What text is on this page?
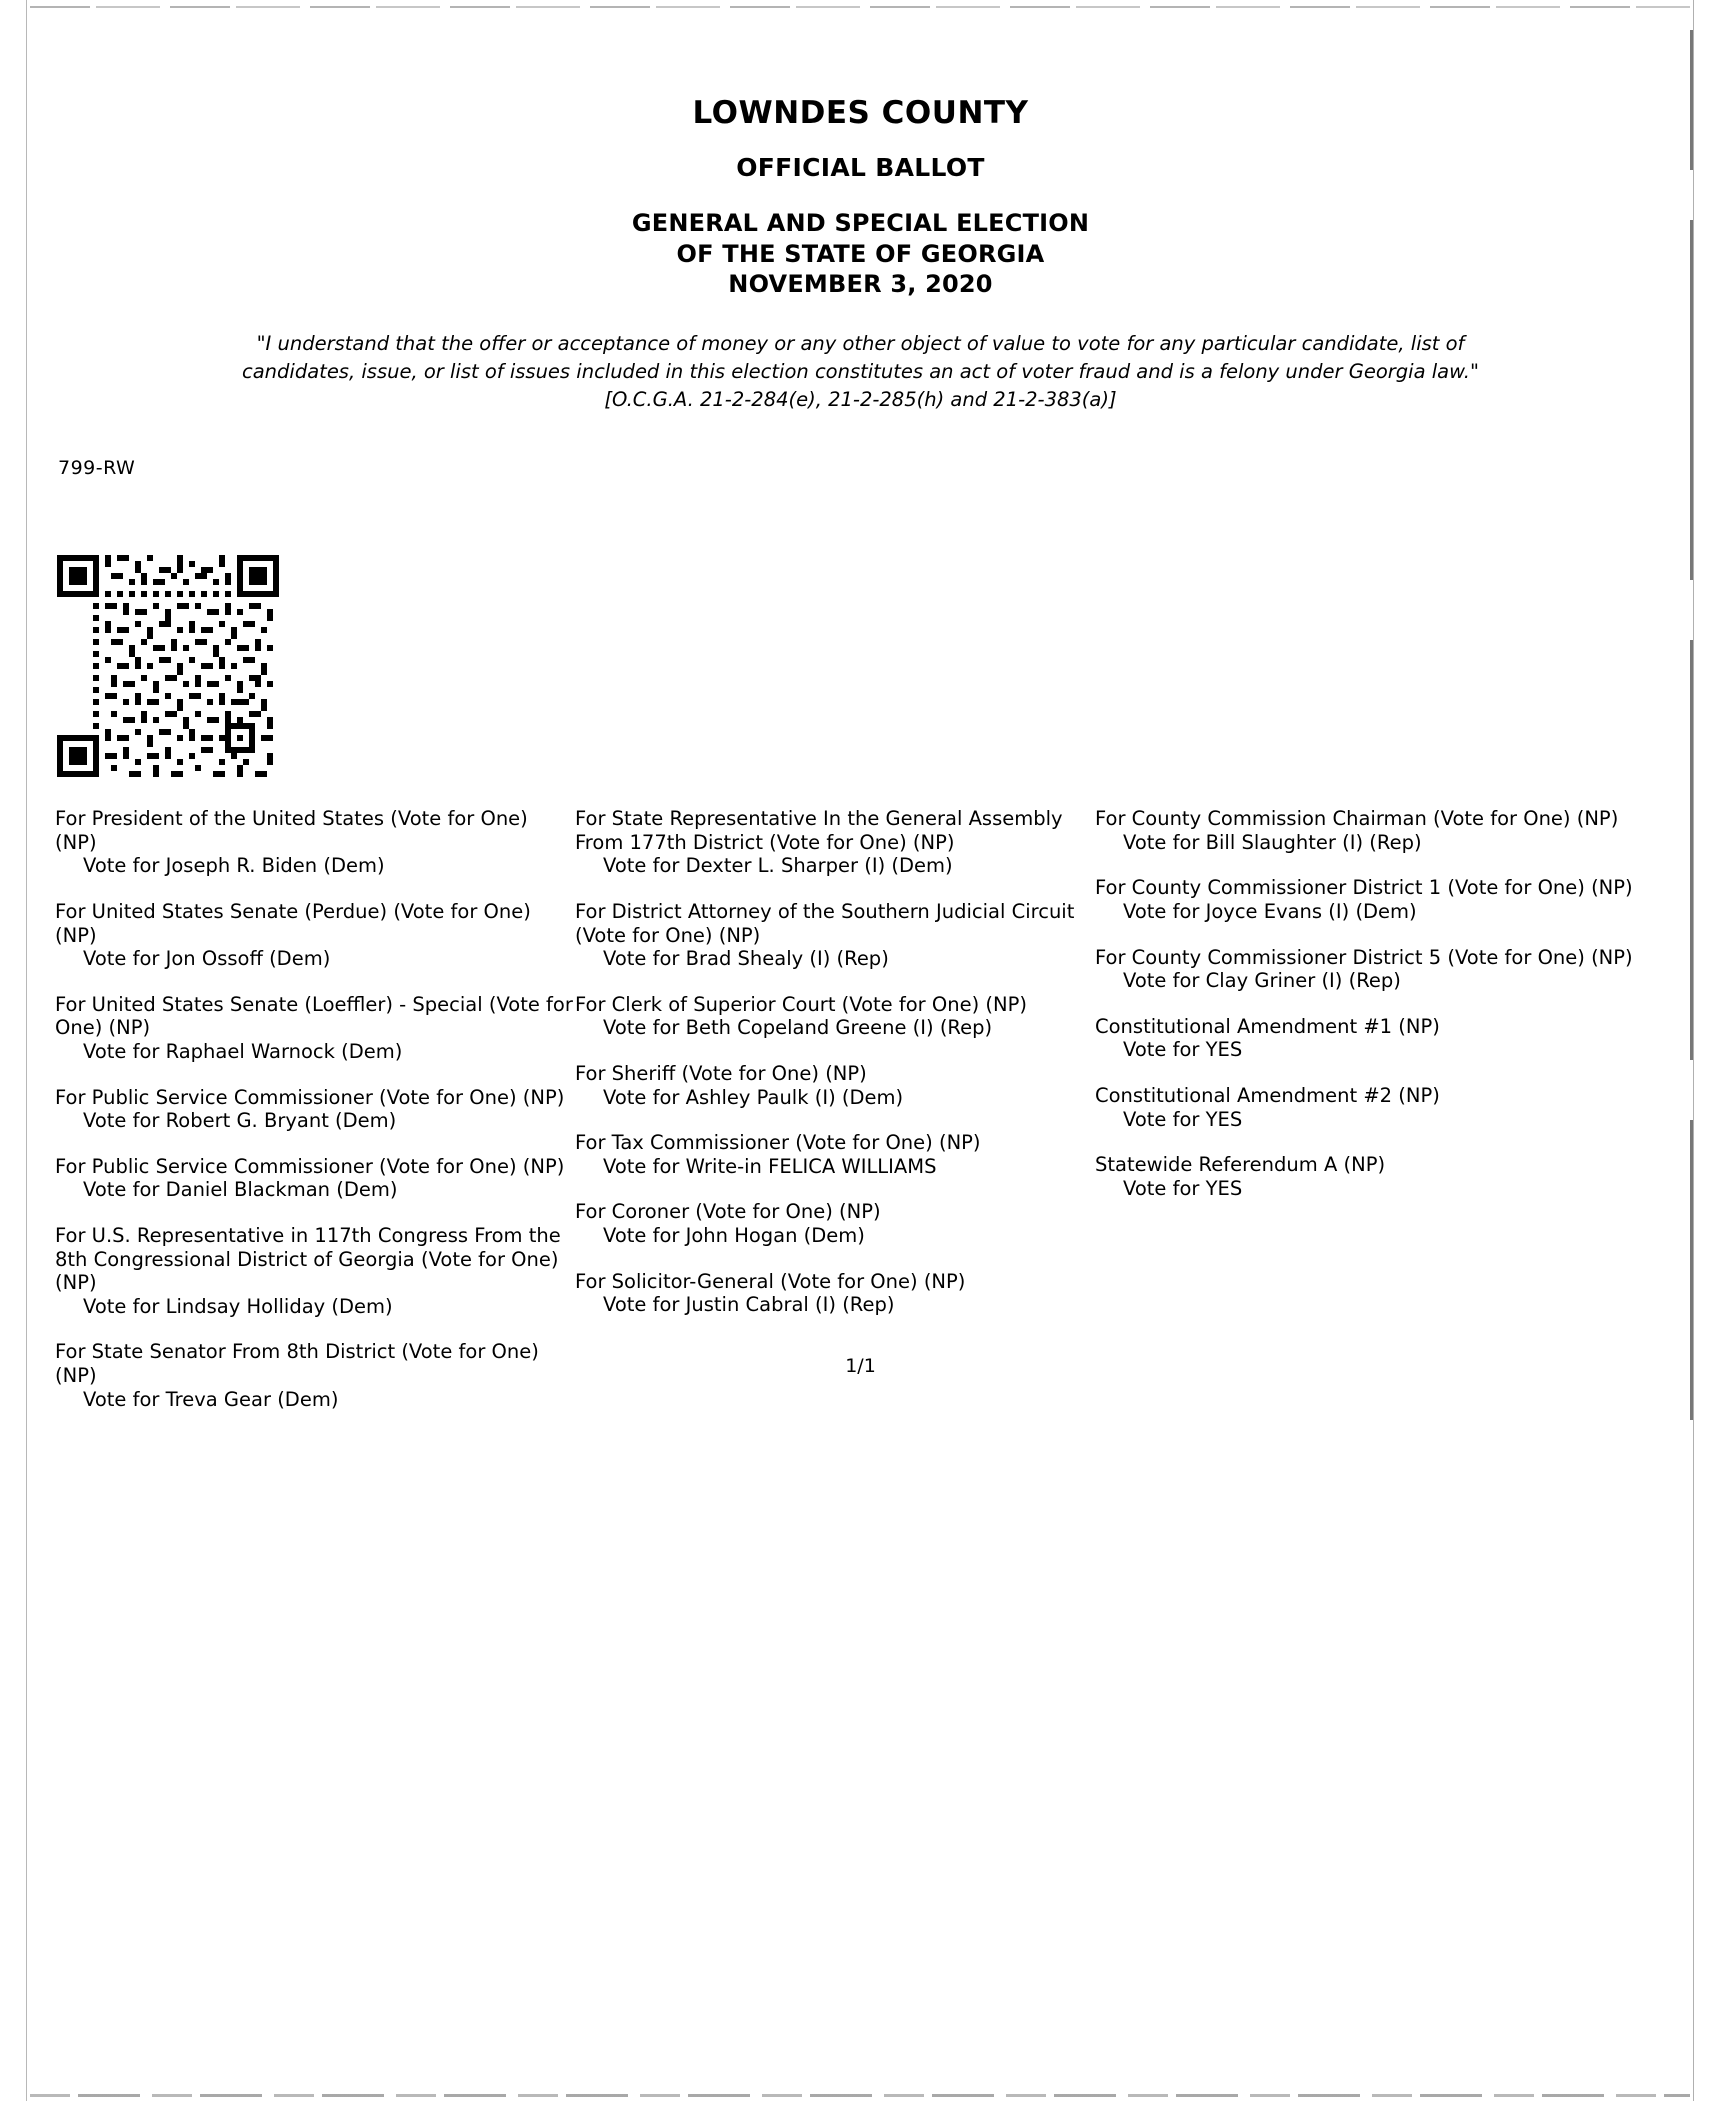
LOWNDES COUNTY
OFFICIAL BALLOT
GENERAL AND SPECIAL ELECTION
OF THE STATE OF GEORGIA
NOVEMBER 3, 2020
"I understand that the offer or acceptance of money or any other object of value to vote for any particular candidate, list of candidates, issue, or list of issues included in this election constitutes an act of voter fraud and is a felony under Georgia law." [O.C.G.A. 21-2-284(e), 21-2-285(h) and 21-2-383(a)]
799-RW
For President of the United States (Vote for One) (NP)
Vote for Joseph R. Biden (Dem)
For United States Senate (Perdue) (Vote for One) (NP)
Vote for Jon Ossoff (Dem)
For United States Senate (Loeffler) - Special (Vote for One) (NP)
Vote for Raphael Warnock (Dem)
For Public Service Commissioner (Vote for One) (NP)
Vote for Robert G. Bryant (Dem)
For Public Service Commissioner (Vote for One) (NP)
Vote for Daniel Blackman (Dem)
For U.S. Representative in 117th Congress From the 8th Congressional District of Georgia (Vote for One) (NP)
Vote for Lindsay Holliday (Dem)
For State Senator From 8th District (Vote for One) (NP)
Vote for Treva Gear (Dem)
For State Representative In the General Assembly From 177th District (Vote for One) (NP)
Vote for Dexter L. Sharper (I) (Dem)
For District Attorney of the Southern Judicial Circuit (Vote for One) (NP)
Vote for Brad Shealy (I) (Rep)
For Clerk of Superior Court (Vote for One) (NP)
Vote for Beth Copeland Greene (I) (Rep)
For Sheriff (Vote for One) (NP)
Vote for Ashley Paulk (I) (Dem)
For Tax Commissioner (Vote for One) (NP)
Vote for Write-in FELICA WILLIAMS
For Coroner (Vote for One) (NP)
Vote for John Hogan (Dem)
For Solicitor-General (Vote for One) (NP)
Vote for Justin Cabral (I) (Rep)
For County Commission Chairman (Vote for One) (NP)
Vote for Bill Slaughter (I) (Rep)
For County Commissioner District 1 (Vote for One) (NP)
Vote for Joyce Evans (I) (Dem)
For County Commissioner District 5 (Vote for One) (NP)
Vote for Clay Griner (I) (Rep)
Constitutional Amendment #1 (NP)
Vote for YES
Constitutional Amendment #2 (NP)
Vote for YES
Statewide Referendum A (NP)
Vote for YES
1/1
